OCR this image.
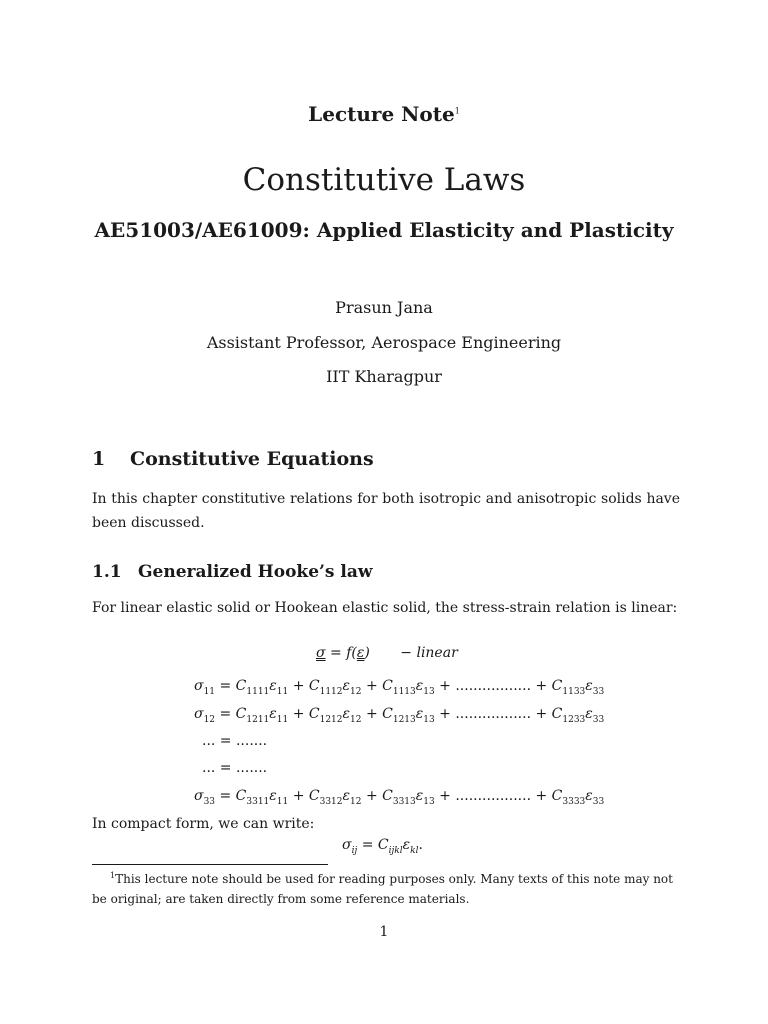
Lecture Note$^1$
Constitutive Laws
AE51003/AE61009: Applied Elasticity and Plasticity
Prasun Jana
Assistant Professor, Aerospace Engineering
IIT Kharagpur
1 Constitutive Equations
In this chapter constitutive relations for both isotropic and anisotropic solids have been discussed.
1.1 Generalized Hooke’s law
For linear elastic solid or Hookean elastic solid, the stress-strain relation is linear:
σ = f(ε) − linear
$\sigma_{11} = C_{1111}\varepsilon_{11} + C_{1112}\varepsilon_{12} + C_{1113}\varepsilon_{13}$ + ................. + $C_{1133}\varepsilon_{33}$
$\sigma_{12} = C_{1211}\varepsilon_{11} + C_{1212}\varepsilon_{12} + C_{1213}\varepsilon_{13}$ + ................. + $C_{1233}\varepsilon_{33}$
... = .......
... = .......
$\sigma_{33} = C_{3311}\varepsilon_{11} + C_{3312}\varepsilon_{12} + C_{3313}\varepsilon_{13}$ + ................. + $C_{3333}\varepsilon_{33}$
In compact form, we can write:
$\sigma_{ij} = C_{ijkl}\varepsilon_{kl}$.
$^1$This lecture note should be used for reading purposes only. Many texts of this note may not be original; are taken directly from some reference materials.
1
